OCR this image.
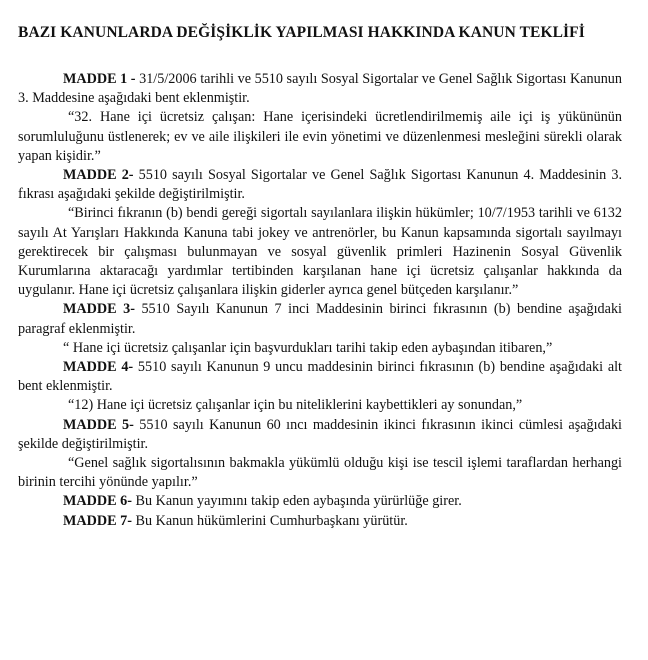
BAZI KANUNLARDA DEĞİŞİKLİK YAPILMASI HAKKINDA KANUN TEKLİFİ

MADDE 1 - 31/5/2006 tarihli ve 5510 sayılı Sosyal Sigortalar ve Genel Sağlık Sigortası Kanunun 3. Maddesine aşağıdaki bent eklenmiştir.

“32. Hane içi ücretsiz çalışan: Hane içerisindeki ücretlendirilmemiş aile içi iş yükününün sorumluluğunu üstlenerek; ev ve aile ilişkileri ile evin yönetimi ve düzenlenmesi mesleğini sürekli olarak yapan kişidir.”

MADDE 2- 5510 sayılı Sosyal Sigortalar ve Genel Sağlık Sigortası Kanunun 4. Maddesinin 3. fıkrası aşağıdaki şekilde değiştirilmiştir.

“Birinci fıkranın (b) bendi gereği sigortalı sayılanlara ilişkin hükümler; 10/7/1953 tarihli ve 6132 sayılı At Yarışları Hakkında Kanuna tabi jokey ve antrenörler, bu Kanun kapsamında sigortalı sayılmayı gerektirecek bir çalışması bulunmayan ve sosyal güvenlik primleri Hazinenin Sosyal Güvenlik Kurumlarına aktaracağı yardımlar tertibinden karşılanan hane içi ücretsiz çalışanlar hakkında da uygulanır. Hane içi ücretsiz çalışanlara ilişkin giderler ayrıca genel bütçeden karşılanır.”

MADDE 3- 5510 Sayılı Kanunun 7 inci Maddesinin birinci fıkrasının (b) bendine aşağıdaki paragraf eklenmiştir.

“ Hane içi ücretsiz çalışanlar için başvurdukları tarihi takip eden aybaşından itibaren,”

MADDE 4- 5510 sayılı Kanunun 9 uncu maddesinin birinci fıkrasının (b) bendine aşağıdaki alt bent eklenmiştir.

“12) Hane içi ücretsiz çalışanlar için bu niteliklerini kaybettikleri ay sonundan,”

MADDE 5- 5510 sayılı Kanunun 60 ıncı maddesinin ikinci fıkrasının ikinci cümlesi aşağıdaki şekilde değiştirilmiştir.

“Genel sağlık sigortalısının bakmakla yükümlü olduğu kişi ise tescil işlemi taraflardan herhangi birinin tercihi yönünde yapılır.”

MADDE 6- Bu Kanun yayımını takip eden aybaşında yürürlüğe girer.

MADDE 7- Bu Kanun hükümlerini Cumhurbaşkanı yürütür.
